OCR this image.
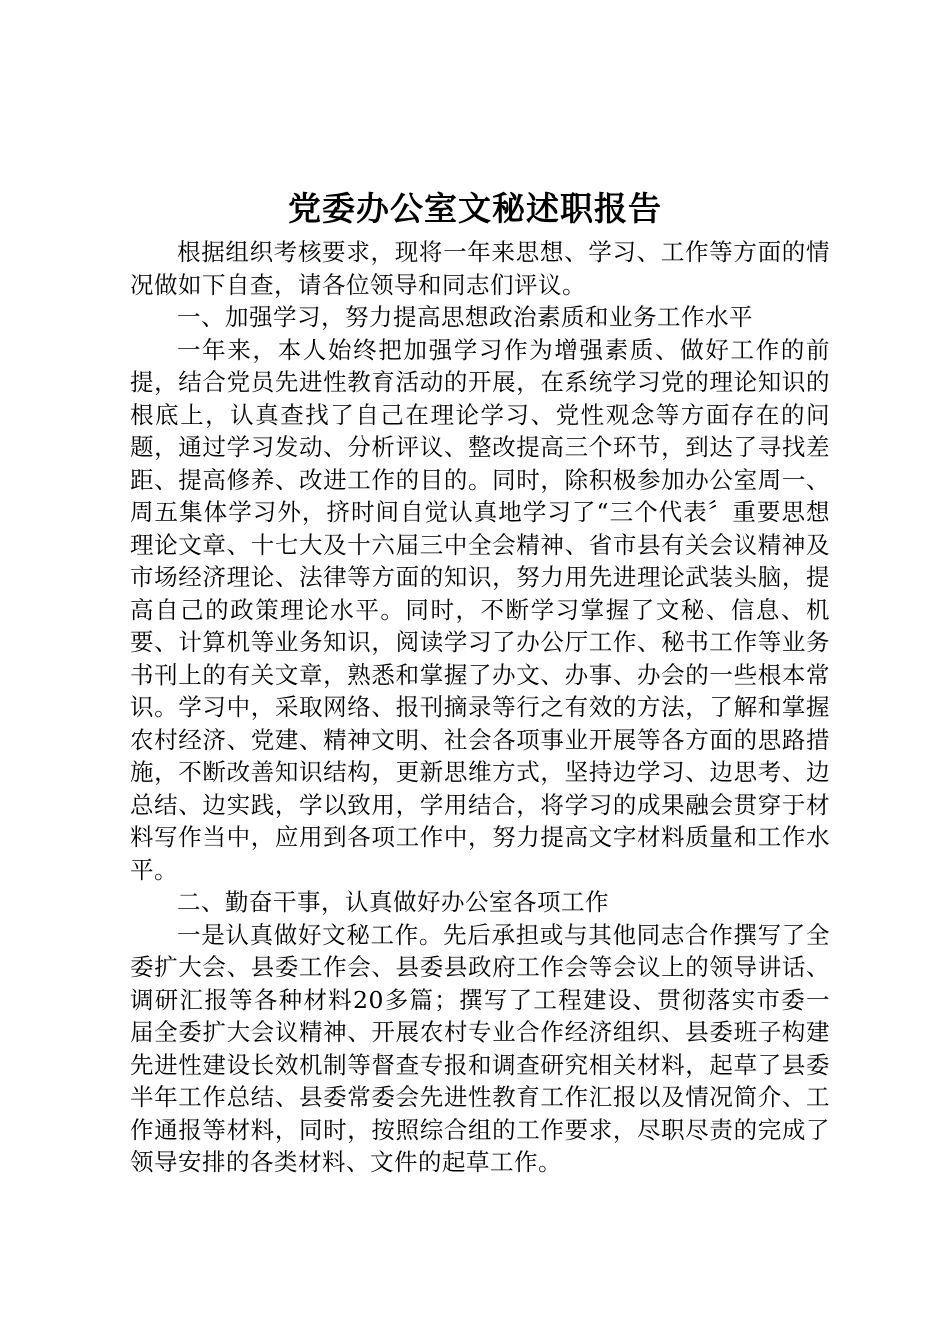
党委办公室文秘述职报告

根据组织考核要求，现将一年来思想、学习、工作等方面的情况做如下自查，请各位领导和同志们评议。

一、加强学习，努力提高思想政治素质和业务工作水平

一年来，本人始终把加强学习作为增强素质、做好工作的前提，结合党员先进性教育活动的开展，在系统学习党的理论知识的根底上，认真查找了自己在理论学习、党性观念等方面存在的问题，通过学习发动、分析评议、整改提高三个环节，到达了寻找差距、提高修养、改进工作的目的。同时，除积极参加办公室周一、周五集体学习外，挤时间自觉认真地学习了“三个代表〞重要思想理论文章、十七大及十六届三中全会精神、省市县有关会议精神及市场经济理论、法律等方面的知识，努力用先进理论武装头脑，提高自己的政策理论水平。同时，不断学习掌握了文秘、信息、机要、计算机等业务知识，阅读学习了办公厅工作、秘书工作等业务书刊上的有关文章，熟悉和掌握了办文、办事、办会的一些根本常识。学习中，采取网络、报刊摘录等行之有效的方法，了解和掌握农村经济、党建、精神文明、社会各项事业开展等各方面的思路措施，不断改善知识结构，更新思维方式，坚持边学习、边思考、边总结、边实践，学以致用，学用结合，将学习的成果融会贯穿于材料写作当中，应用到各项工作中，努力提高文字材料质量和工作水平。

二、勤奋干事，认真做好办公室各项工作

一是认真做好文秘工作。先后承担或与其他同志合作撰写了全委扩大会、县委工作会、县委县政府工作会等会议上的领导讲话、调研汇报等各种材料20多篇；撰写了工程建设、贯彻落实市委一届全委扩大会议精神、开展农村专业合作经济组织、县委班子构建先进性建设长效机制等督查专报和调查研究相关材料，起草了县委半年工作总结、县委常委会先进性教育工作汇报以及情况简介、工作通报等材料，同时，按照综合组的工作要求，尽职尽责的完成了领导安排的各类材料、文件的起草工作。
